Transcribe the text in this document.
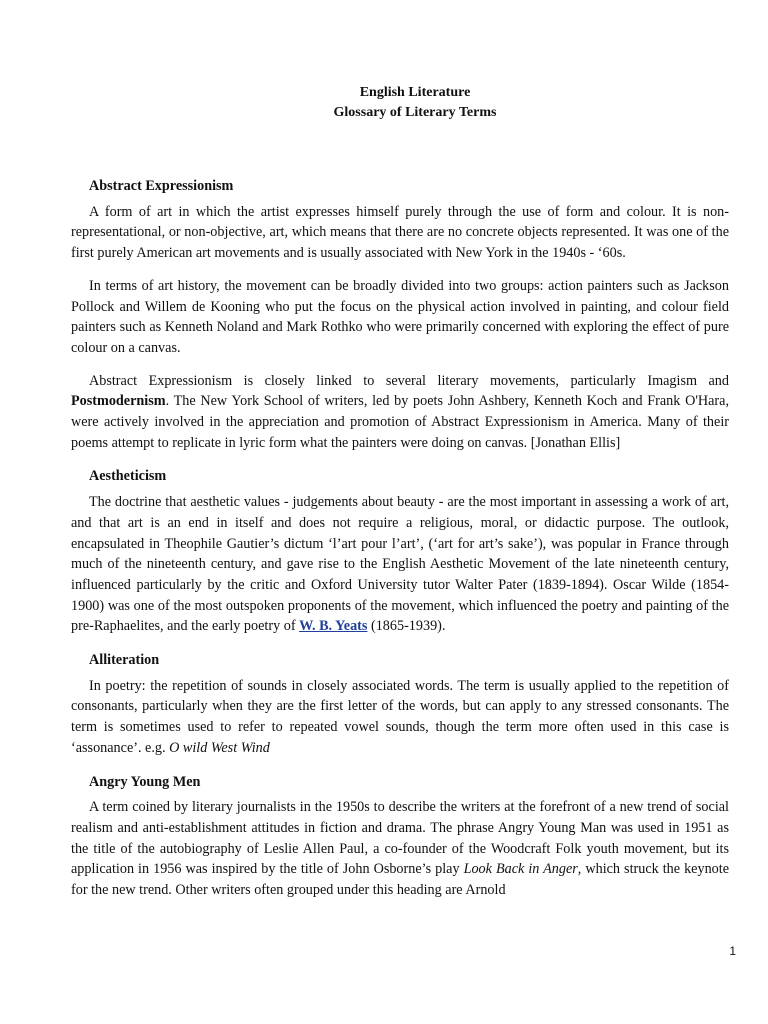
English Literature
Glossary of Literary Terms
Abstract Expressionism

A form of art in which the artist expresses himself purely through the use of form and colour. It is non-representational, or non-objective, art, which means that there are no concrete objects represented. It was one of the first purely American art movements and is usually associated with New York in the 1940s - ‘60s.

In terms of art history, the movement can be broadly divided into two groups: action painters such as Jackson Pollock and Willem de Kooning who put the focus on the physical action involved in painting, and colour field painters such as Kenneth Noland and Mark Rothko who were primarily concerned with exploring the effect of pure colour on a canvas.

Abstract Expressionism is closely linked to several literary movements, particularly Imagism and Postmodernism. The New York School of writers, led by poets John Ashbery, Kenneth Koch and Frank O'Hara, were actively involved in the appreciation and promotion of Abstract Expressionism in America. Many of their poems attempt to replicate in lyric form what the painters were doing on canvas. [Jonathan Ellis]

Aestheticism

The doctrine that aesthetic values - judgements about beauty - are the most important in assessing a work of art, and that art is an end in itself and does not require a religious, moral, or didactic purpose. The outlook, encapsulated in Theophile Gautier’s dictum ‘l’art pour l’art’, (‘art for art’s sake’), was popular in France through much of the nineteenth century, and gave rise to the English Aesthetic Movement of the late nineteenth century, influenced particularly by the critic and Oxford University tutor Walter Pater (1839-1894). Oscar Wilde (1854-1900) was one of the most outspoken proponents of the movement, which influenced the poetry and painting of the pre-Raphaelites, and the early poetry of W. B. Yeats (1865-1939).

Alliteration

In poetry: the repetition of sounds in closely associated words. The term is usually applied to the repetition of consonants, particularly when they are the first letter of the words, but can apply to any stressed consonants. The term is sometimes used to refer to repeated vowel sounds, though the term more often used in this case is ‘assonance’. e.g. O wild West Wind

Angry Young Men

A term coined by literary journalists in the 1950s to describe the writers at the forefront of a new trend of social realism and anti-establishment attitudes in fiction and drama. The phrase Angry Young Man was used in 1951 as the title of the autobiography of Leslie Allen Paul, a co-founder of the Woodcraft Folk youth movement, but its application in 1956 was inspired by the title of John Osborne’s play Look Back in Anger, which struck the keynote for the new trend. Other writers often grouped under this heading are Arnold

1
